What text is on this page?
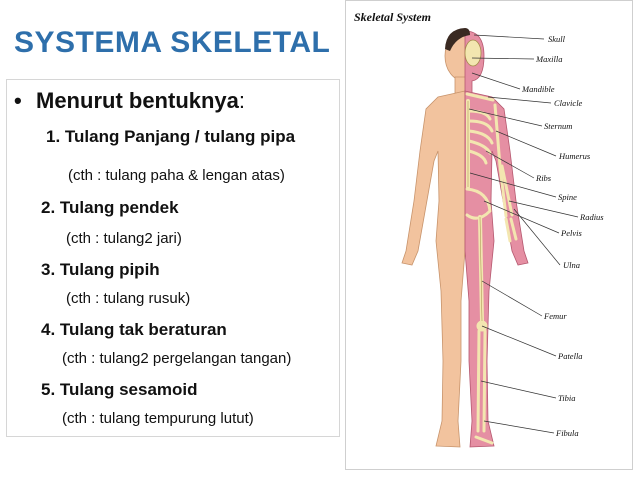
SYSTEMA SKELETAL
• Menurut bentuknya:
1. Tulang Panjang / tulang pipa
(cth : tulang paha & lengan atas)
2. Tulang pendek
(cth : tulang2 jari)
3. Tulang pipih
(cth : tulang rusuk)
4. Tulang tak beraturan
(cth : tulang2 pergelangan tangan)
5. Tulang sesamoid
(cth : tulang tempurung lutut)
Skeletal System
Skull
Maxilla
Mandible
Clavicle
Sternum
Humerus
Ribs
Spine
Radius
Pelvis
Ulna
Femur
Patella
Tibia
Fibula
